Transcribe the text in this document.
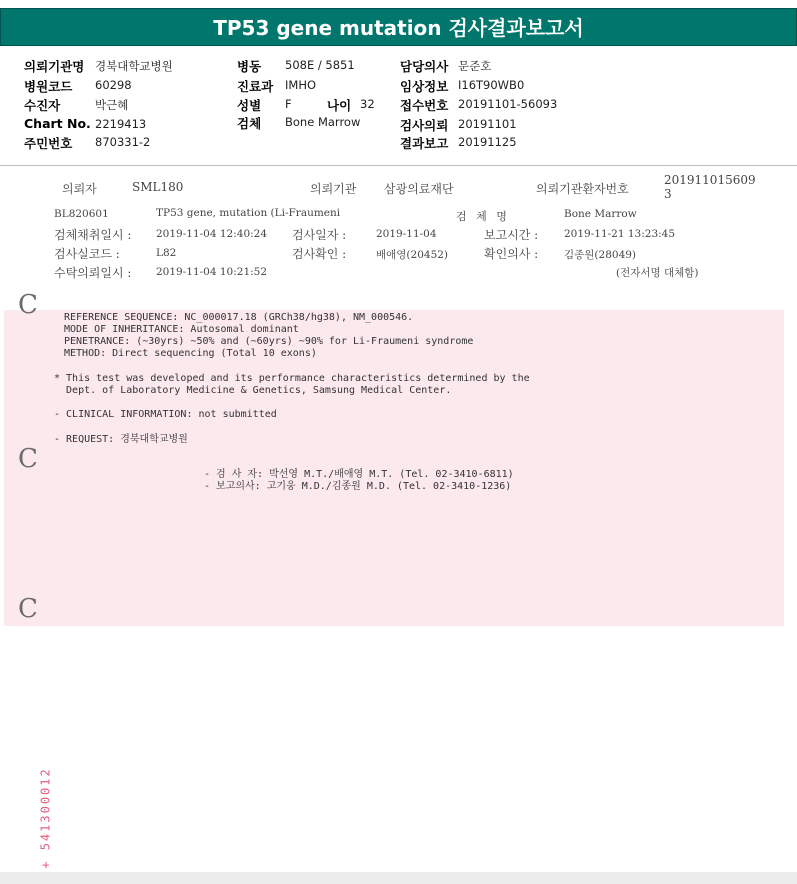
TP53 gene mutation 검사결과보고서
의뢰기관명 경북대학교병원
병원코드 60298
수진자	박근혜
Chart No. 2219413
주민번호 870331-2
병동 508E / 5851
진료과 IMHO
성별 F	나이 32
검체 Bone Marrow
담당의사 문준호
임상정보 I16T90WB0
접수번호 20191101-56093
검사의뢰 20191101
결과보고 20191125
의뢰자	SML180	의뢰기관 삼광의료재단	의뢰기관환자번호
201911015609
3
BL820601	TP53 gene, mutation (Li-Fraumeni	검 체 명	Bone Marrow
검체채취일시 : 2019-11-04 12:40:24 검사일자 :	2019-11-04	보고시간 : 2019-11-21 13:23:45
검사실코드 :	L82	검사확인 :	배애영(20452)	확인의사 : 김종원(28049)
수탁의뢰일시 : 2019-11-04 10:21:52	(전자서명 대체함)
C
C
C
REFERENCE SEQUENCE: NC_000017.18 (GRCh38/hg38), NM_000546.
MODE OF INHERITANCE: Autosomal dominant
PENETRANCE: (~30yrs) ~50% and (~60yrs) ~90% for Li-Fraumeni syndrome
METHOD: Direct sequencing (Total 10 exons)
* This test was developed and its performance characteristics determined by the
Dept. of Laboratory Medicine & Genetics, Samsung Medical Center.
- CLINICAL INFORMATION: not submitted
- REQUEST: 경북대학교병원
- 검 사 자: 박선영 M.T./배애영 M.T. (Tel. 02-3410-6811)
- 보고의사: 고기웅 M.D./김종원 M.D. (Tel. 02-3410-1236)
+ 541300012
